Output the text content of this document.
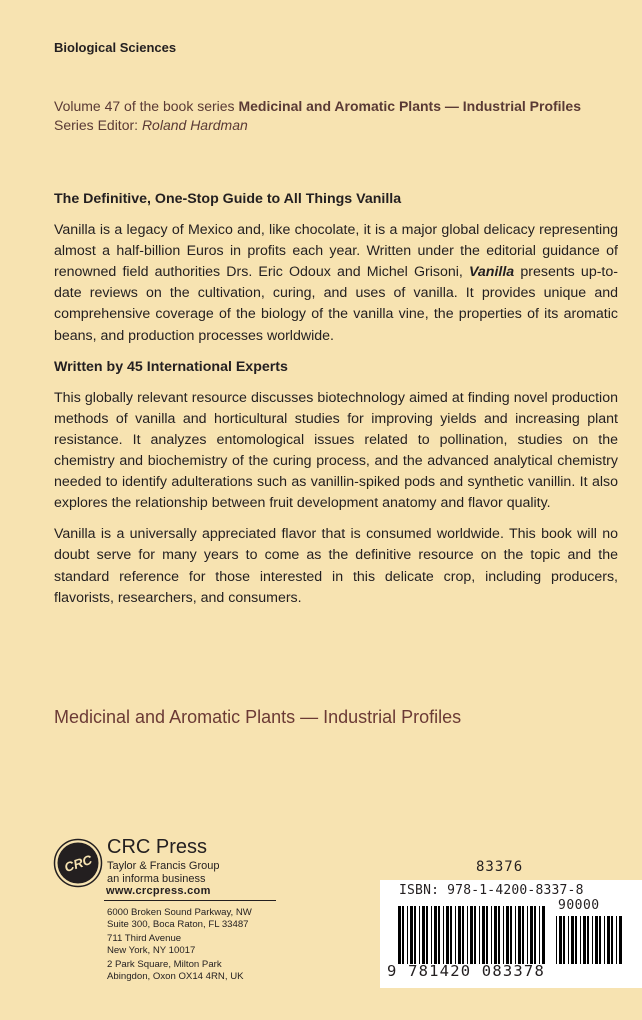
Biological Sciences
Volume 47 of the book series Medicinal and Aromatic Plants — Industrial Profiles
Series Editor: Roland Hardman
The Definitive, One-Stop Guide to All Things Vanilla
Vanilla is a legacy of Mexico and, like chocolate, it is a major global delicacy representing almost a half-billion Euros in profits each year. Written under the editorial guidance of renowned field authorities Drs. Eric Odoux and Michel Grisoni, Vanilla presents up-to-date reviews on the cultivation, curing, and uses of vanilla. It provides unique and comprehensive coverage of the biology of the vanilla vine, the properties of its aromatic beans, and production processes worldwide.
Written by 45 International Experts
This globally relevant resource discusses biotechnology aimed at finding novel production methods of vanilla and horticultural studies for improving yields and increasing plant resistance. It analyzes entomological issues related to pollination, studies on the chemistry and biochemistry of the curing process, and the advanced analytical chemistry needed to identify adulterations such as vanillin-spiked pods and synthetic vanillin. It also explores the relationship between fruit development anatomy and flavor quality.
Vanilla is a universally appreciated flavor that is consumed worldwide. This book will no doubt serve for many years to come as the definitive resource on the topic and the standard reference for those interested in this delicate crop, including producers, flavorists, researchers, and consumers.
Medicinal and Aromatic Plants — Industrial Profiles
CRC
CRC Press
Taylor & Francis Group
an informa business
www.crcpress.com
6000 Broken Sound Parkway, NW
Suite 300, Boca Raton, FL 33487
711 Third Avenue
New York, NY 10017
2 Park Square, Milton Park
Abingdon, Oxon OX14 4RN, UK
83376
ISBN: 978-1-4200-8337-8
90000
9 781420 083378
